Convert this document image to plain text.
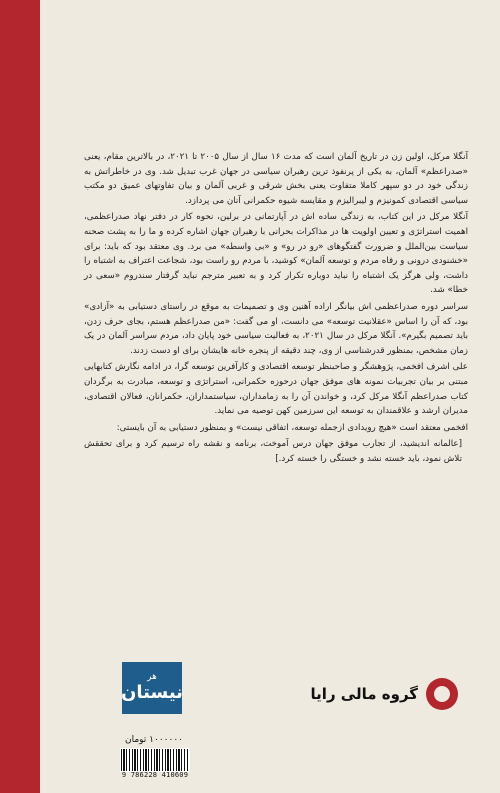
آنگلا مرکل، اولین زن در تاریخ آلمان است که مدت ۱۶ سال از سال ۲۰۰۵ تا ۲۰۲۱، در بالاترین مقام، یعنی «صدراعظم» آلمان، به یکی از پرنفوذ ترین رهبران سیاسی در جهان غرب تبدیل شد. وی در خاطراتش به زندگی خود در دو سپهر کاملا متفاوت یعنی بخش شرقی و غربی آلمان و بیان تفاوتهای عمیق دو مکتب سیاسی اقتصادی کمونیزم و لیبرالیزم و مقایسه شیوه حکمرانی آنان می پردازد.

آنگلا مرکل در این کتاب، به زندگی ساده اش در آپارتمانی در برلین، نحوه کار در دفتر نهاد صدراعظمی، اهمیت استراتژی و تعیین اولویت ها در مذاکرات بحرانی با رهبران جهان اشاره کرده و ما را به پشت صحنه سیاست بین‌الملل و ضرورت گفتگوهای «رو در رو» و «بی واسطه» می برد. وی معتقد بود که باید: برای «خشنودی درونی و رفاه مردم و توسعه آلمان» کوشید، با مردم رو راست بود، شجاعت اعتراف به اشتباه را داشت، ولی هرگز یک اشتباه را نباید دوباره تکرار کرد و به تعبیر مترجم نباید گرفتار سندروم «سعی در خطا» شد.

سراسر دوره صدراعظمی اش بیانگر اراده آهنین وی و تصمیمات به موقع در راستای دستیابی به «آزادی» بود، که آن را اساس «عقلانیت توسعه» می دانست، او می گفت: «من صدراعظم هستم، بجای حرف زدن، باید تصمیم بگیرم». آنگلا مرکل در سال ۲۰۲۱، به فعالیت سیاسی خود پایان داد، مردم سراسر آلمان در یک زمان مشخص، بمنظور قدرشناسی از وی، چند دقیقه از پنجره خانه هایشان برای او دست زدند.

علی اشرف افخمی، پژوهشگر و صاحبنظر توسعه اقتصادی و کارآفرین توسعه گرا، در ادامه نگارش کتابهایی مبتنی بر بیان تجربیات نمونه های موفق جهان درحوزه حکمرانی، استراتژی و توسعه، مبادرت به برگردان کتاب صدراعظم آنگلا مرکل کرد، و خواندن آن را به زمامداران، سیاستمداران، حکمرانان، فعالان اقتصادی، مدیران ارشد و علاقمندان به توسعه این سرزمین کهن توصیه می نماید.

افخمی معتقد است «هیچ رویدادی ازجمله توسعه، اتفاقی نیست» و بمنظور دستیابی به آن بایستی:

[عالمانه اندیشید، از تجارب موفق جهان درس آموخت، برنامه و نقشه راه ترسیم کرد و برای تحققش تلاش نمود، باید خسته نشد و خستگی را خسته کرد.]

گروه مالی رایا
هر
نیستان
۱۰۰۰۰۰۰ تومان
9 786228 410609
